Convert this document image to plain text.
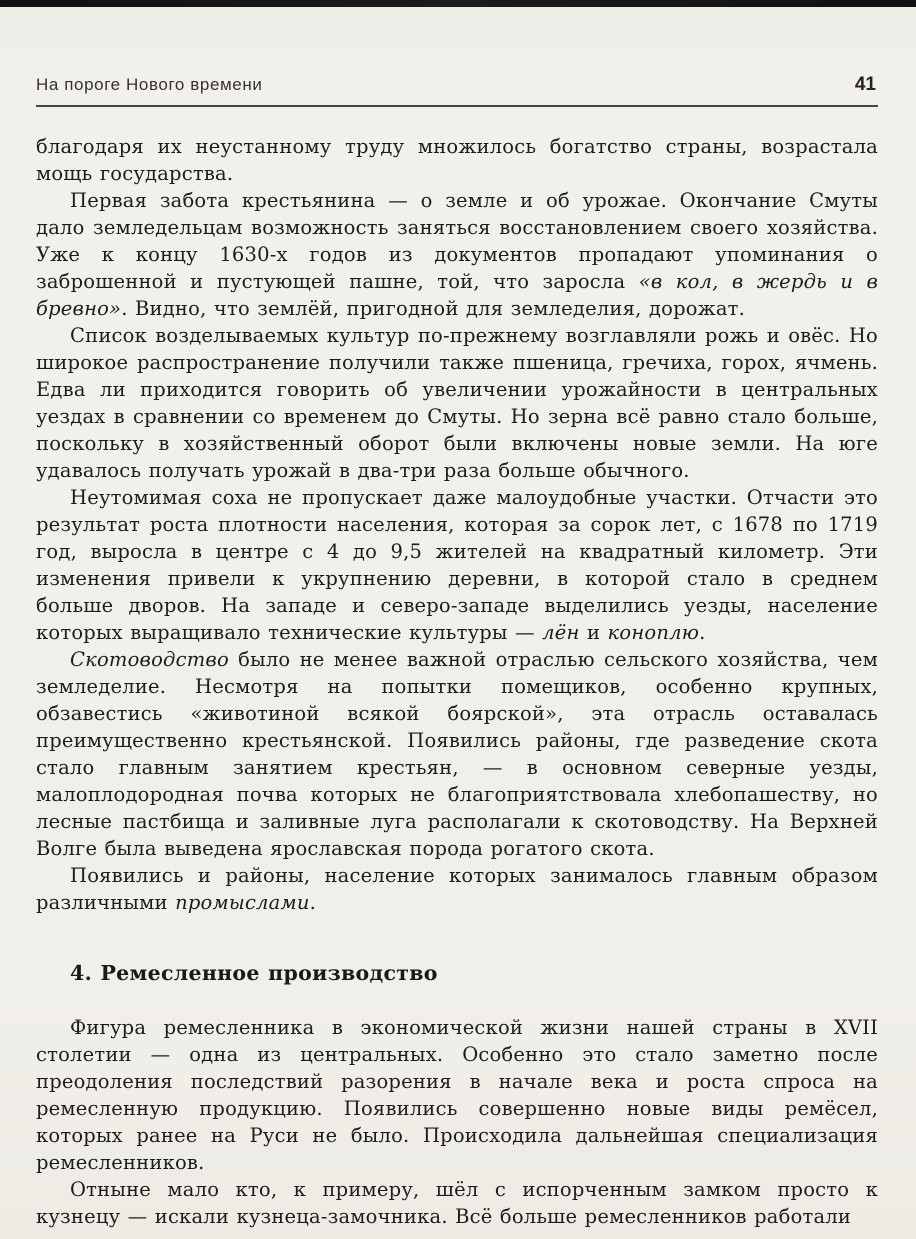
На пороге Нового времени	41

благодаря их неустанному труду множилось богатство страны, возрастала мощь государства.

Первая забота крестьянина — о земле и об урожае. Окончание Смуты дало земледельцам возможность заняться восстановлением своего хозяйства. Уже к концу 1630-х годов из документов пропадают упоминания о заброшенной и пустующей пашне, той, что заросла «в кол, в жердь и в бревно». Видно, что землёй, пригодной для земледелия, дорожат.

Список возделываемых культур по-прежнему возглавляли рожь и овёс. Но широкое распространение получили также пшеница, гречиха, горох, ячмень. Едва ли приходится говорить об увеличении урожайности в центральных уездах в сравнении со временем до Смуты. Но зерна всё равно стало больше, поскольку в хозяйственный оборот были включены новые земли. На юге удавалось получать урожай в два-три раза больше обычного.

Неутомимая соха не пропускает даже малоудобные участки. Отчасти это результат роста плотности населения, которая за сорок лет, с 1678 по 1719 год, выросла в центре с 4 до 9,5 жителей на квадратный километр. Эти изменения привели к укрупнению деревни, в которой стало в среднем больше дворов. На западе и северо-западе выделились уезды, население которых выращивало технические культуры — лён и коноплю.

Скотоводство было не менее важной отраслью сельского хозяйства, чем земледелие. Несмотря на попытки помещиков, особенно крупных, обзавестись «животиной всякой боярской», эта отрасль оставалась преимущественно крестьянской. Появились районы, где разведение скота стало главным занятием крестьян, — в основном северные уезды, малоплодородная почва которых не благоприятствовала хлебопашеству, но лесные пастбища и заливные луга располагали к скотоводству. На Верхней Волге была выведена ярославская порода рогатого скота.

Появились и районы, население которых занималось главным образом различными промыслами.

4. Ремесленное производство

Фигура ремесленника в экономической жизни нашей страны в XVII столетии — одна из центральных. Особенно это стало заметно после преодоления последствий разорения в начале века и роста спроса на ремесленную продукцию. Появились совершенно новые виды ремёсел, которых ранее на Руси не было. Происходила дальнейшая специализация ремесленников.

Отныне мало кто, к примеру, шёл с испорченным замком просто к кузнецу — искали кузнеца-замочника. Всё больше ремесленников работали
